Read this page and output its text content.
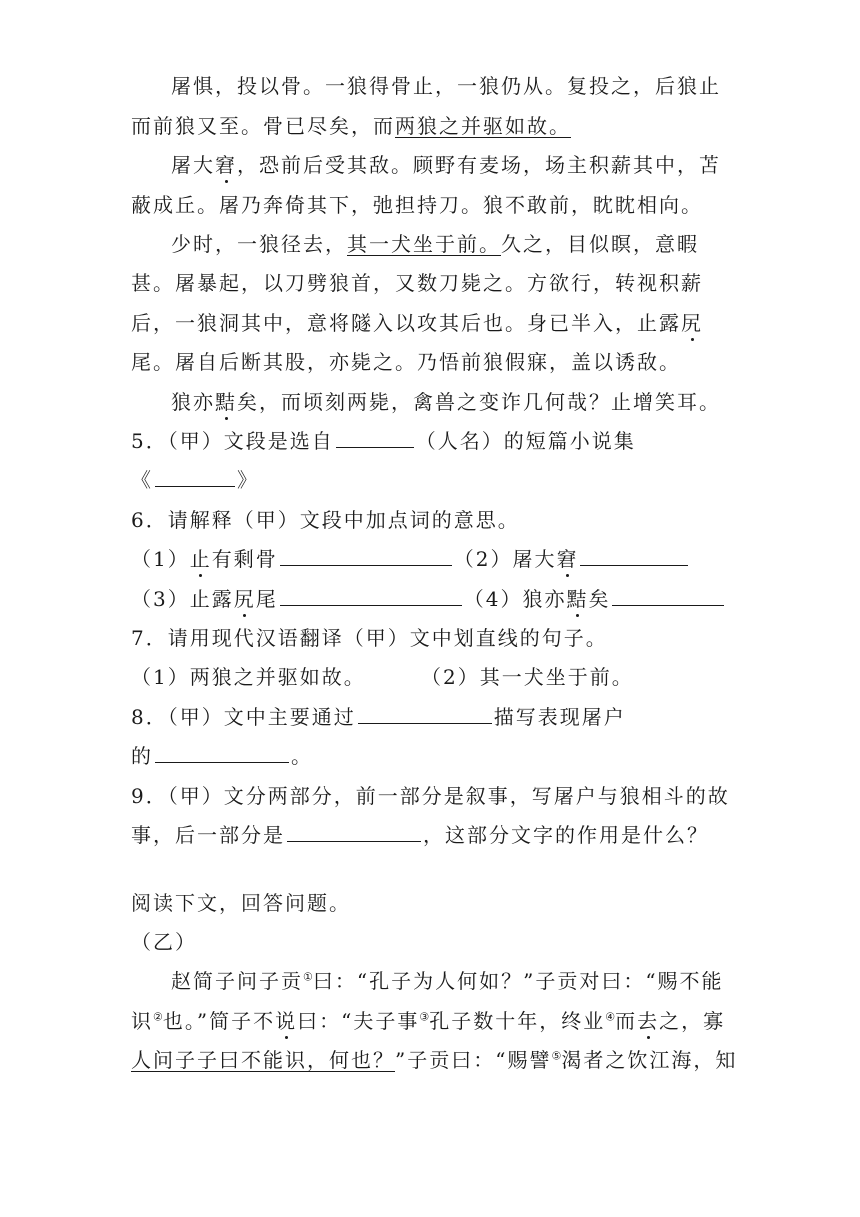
屠惧，投以骨。一狼得骨止，一狼仍从。复投之，后狼止
而前狼又至。骨已尽矣，而两狼之并驱如故。
屠大窘，恐前后受其敌。顾野有麦场，场主积薪其中，苫
蔽成丘。屠乃奔倚其下，弛担持刀。狼不敢前，眈眈相向。
少时，一狼径去，其一犬坐于前。久之，目似瞑，意暇
甚。屠暴起，以刀劈狼首，又数刀毙之。方欲行，转视积薪
后，一狼洞其中，意将隧入以攻其后也。身已半入，止露尻
尾。屠自后断其股，亦毙之。乃悟前狼假寐，盖以诱敌。
狼亦黠矣，而顷刻两毙，禽兽之变诈几何哉？止增笑耳。
5．（甲）文段是选自	（人名）的短篇小说集
《	》
6．请解释（甲）文段中加点词的意思。
（1）止有剩骨	（2）屠大窘
（3）止露尻尾	（4）狼亦黠矣
7．请用现代汉语翻译（甲）文中划直线的句子。
（1）两狼之并驱如故。	（2）其一犬坐于前。
8．（甲）文中主要通过	描写表现屠户
的	。
9．（甲）文分两部分，前一部分是叙事，写屠户与狼相斗的故
事，后一部分是	，这部分文字的作用是什么？
阅读下文，回答问题。
（乙）
赵简子问子贡①曰：“孔子为人何如？”子贡对曰：“赐不能
识②也。”简子不说曰：“夫子事③孔子数十年，终业④而去之，寡
人问子子曰不能识，何也？”子贡曰：“赐譬⑤渴者之饮江海，知
